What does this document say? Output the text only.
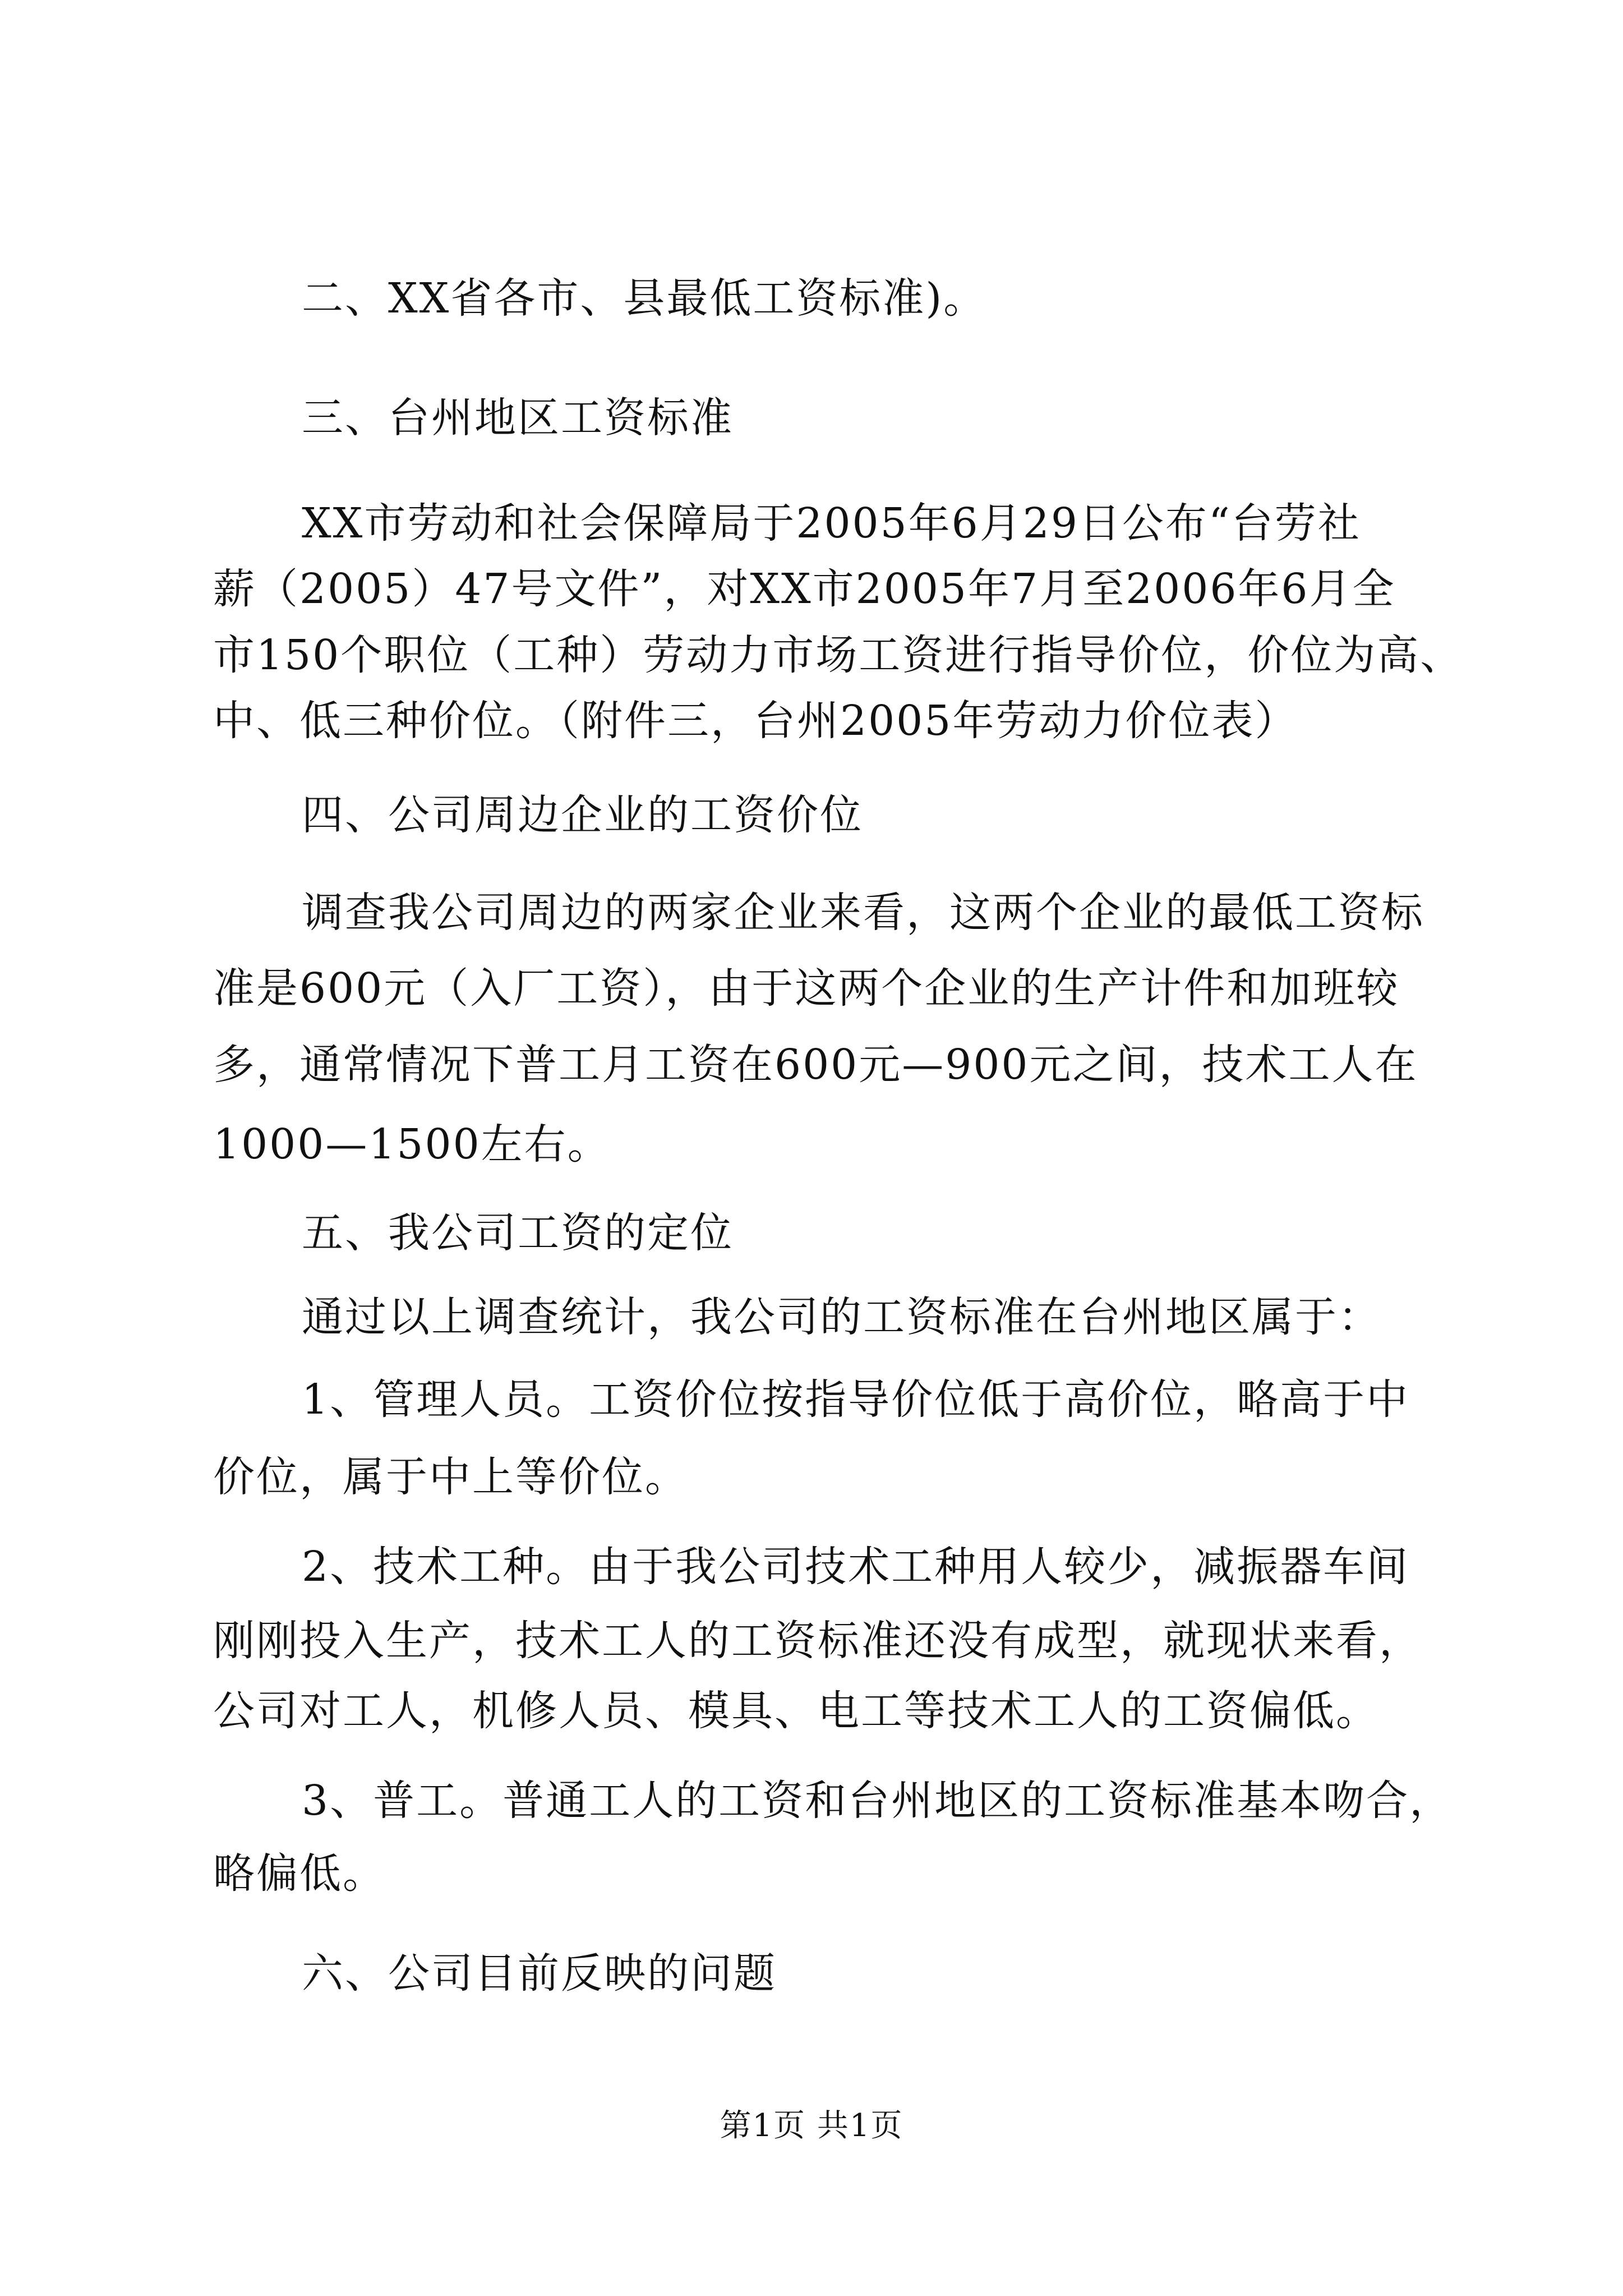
二、XX省各市、县最低工资标准)。
三、台州地区工资标准
XX市劳动和社会保障局于2005年6月29日公布“台劳社
薪（2005）47号文件”，对XX市2005年7月至2006年6月全
市150个职位（工种）劳动力市场工资进行指导价位，价位为高、
中、低三种价位。（附件三，台州2005年劳动力价位表）
四、公司周边企业的工资价位
调查我公司周边的两家企业来看，这两个企业的最低工资标
准是600元（入厂工资），由于这两个企业的生产计件和加班较
多，通常情况下普工月工资在600元—900元之间，技术工人在
1000—1500左右。
五、我公司工资的定位
通过以上调查统计，我公司的工资标准在台州地区属于：
1、管理人员。工资价位按指导价位低于高价位，略高于中
价位，属于中上等价位。
2、技术工种。由于我公司技术工种用人较少，减振器车间
刚刚投入生产，技术工人的工资标准还没有成型，就现状来看，
公司对工人，机修人员、模具、电工等技术工人的工资偏低。
3、普工。普通工人的工资和台州地区的工资标准基本吻合，
略偏低。
六、公司目前反映的问题
第1页 共1页
